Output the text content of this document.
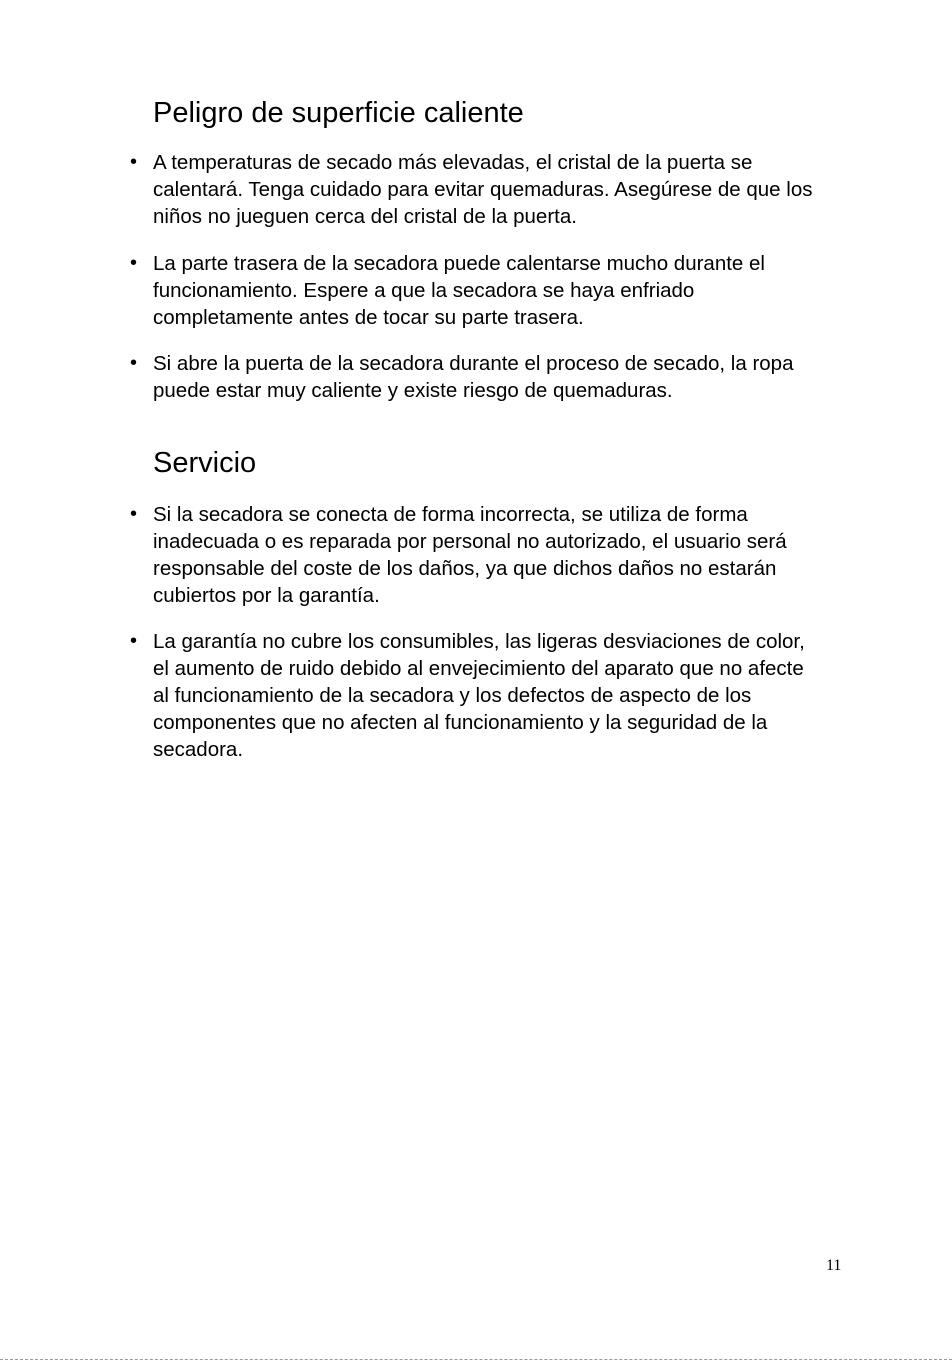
Peligro de superficie caliente
• A temperaturas de secado más elevadas, el cristal de la puerta se calentará. Tenga cuidado para evitar quemaduras. Asegúrese de que los niños no jueguen cerca del cristal de la puerta.
• La parte trasera de la secadora puede calentarse mucho durante el funcionamiento. Espere a que la secadora se haya enfriado completamente antes de tocar su parte trasera.
• Si abre la puerta de la secadora durante el proceso de secado, la ropa puede estar muy caliente y existe riesgo de quemaduras.
Servicio
• Si la secadora se conecta de forma incorrecta, se utiliza de forma inadecuada o es reparada por personal no autorizado, el usuario será responsable del coste de los daños, ya que dichos daños no estarán cubiertos por la garantía.
• La garantía no cubre los consumibles, las ligeras desviaciones de color, el aumento de ruido debido al envejecimiento del aparato que no afecte al funcionamiento de la secadora y los defectos de aspecto de los componentes que no afecten al funcionamiento y la seguridad de la secadora.
11
